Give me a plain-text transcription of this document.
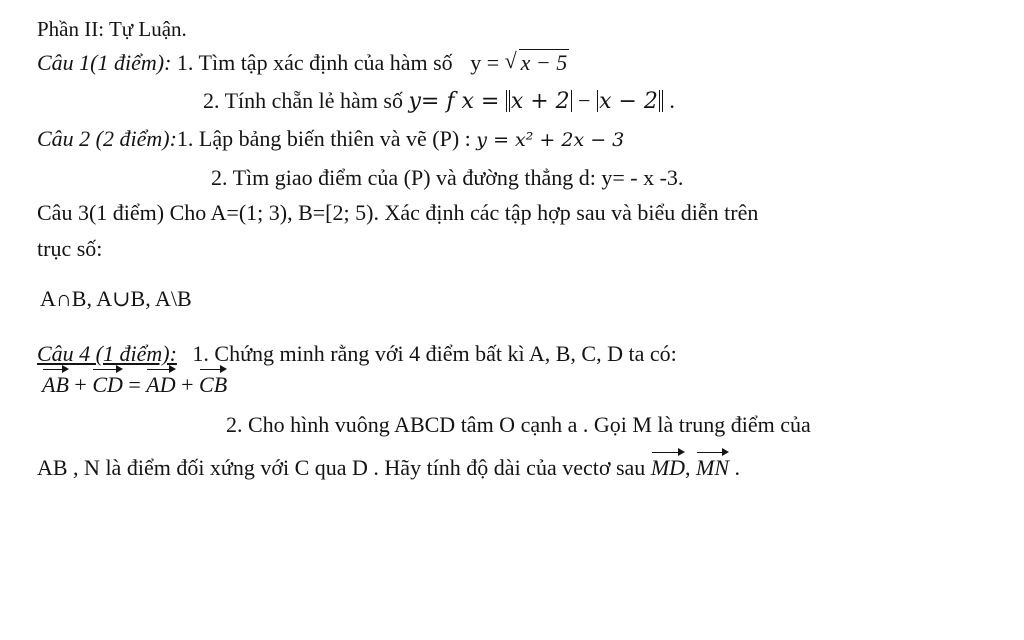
Phần II: Tự Luận.
Câu 1(1 điểm): 1. Tìm tập xác định của hàm số y = √ x − 5
2. Tính chẵn lẻ hàm số y= f x = x + 2 − x − 2 .
Câu 2 (2 điểm):1. Lập bảng biến thiên và vẽ (P) : y = x² + 2x − 3
2. Tìm giao điểm của (P) và đường thẳng d: y= - x -3.
Câu 3(1 điểm) Cho A=(1; 3), B=[2; 5). Xác định các tập hợp sau và biểu diễn trên
trục số:
A∩B, A∪B, A\B
Câu 4 (1 điểm): 1. Chứng minh rằng với 4 điểm bất kì A, B, C, D ta có:
AB + CD = AD + CB
2. Cho hình vuông ABCD tâm O cạnh a . Gọi M là trung điểm của
AB , N là điểm đối xứng với C qua D . Hãy tính độ dài của vectơ sau MD, MN .
